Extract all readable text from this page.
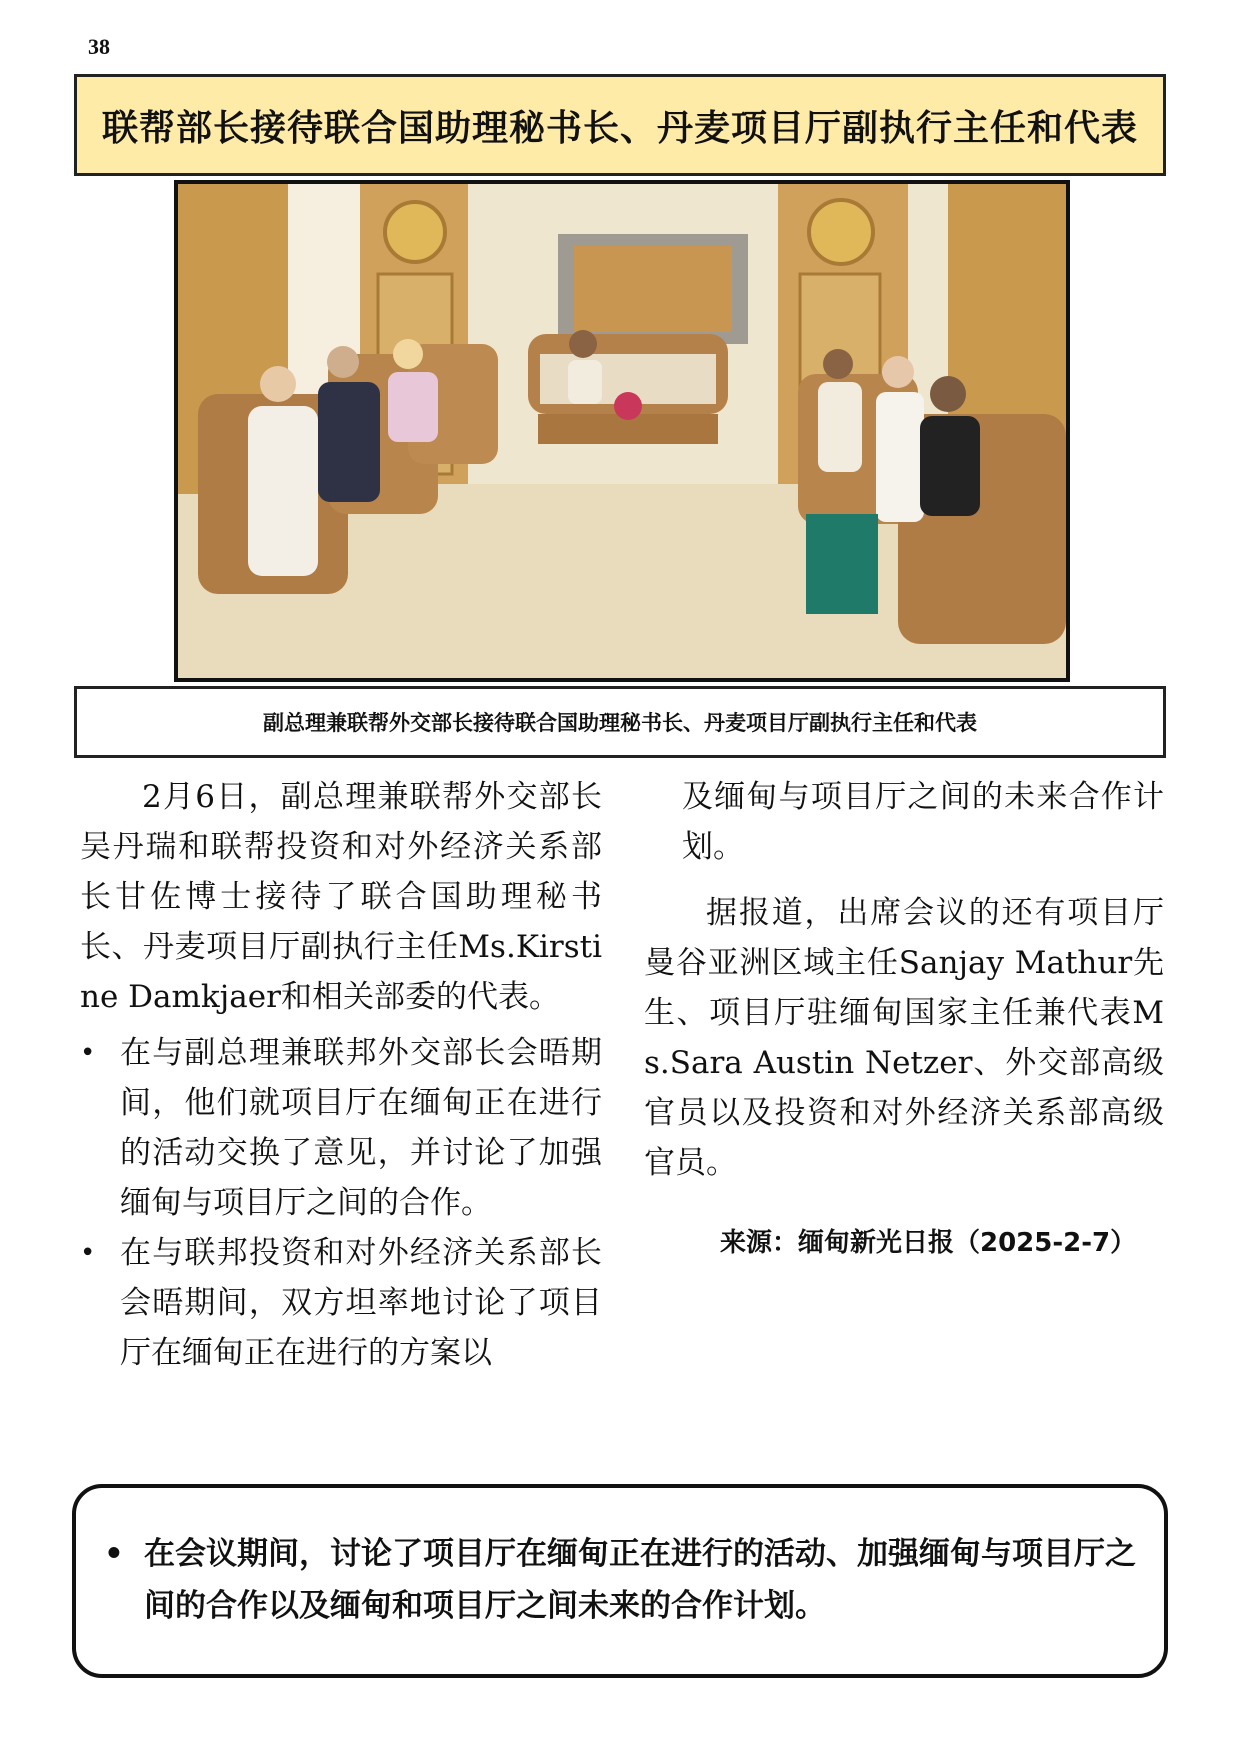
38
联帮部长接待联合国助理秘书长、丹麦项目厅副执行主任和代表
副总理兼联帮外交部长接待联合国助理秘书长、丹麦项目厅副执行主任和代表

2月6日，副总理兼联帮外交部长吴丹瑞和联帮投资和对外经济关系部长甘佐博士接待了联合国助理秘书长、丹麦项目厅副执行主任Ms.Kirstine Damkjaer和相关部委的代表。

• 在与副总理兼联邦外交部长会晤期间，他们就项目厅在缅甸正在进行的活动交换了意见，并讨论了加强缅甸与项目厅之间的合作。
• 在与联邦投资和对外经济关系部长会晤期间，双方坦率地讨论了项目厅在缅甸正在进行的方案以

及缅甸与项目厅之间的未来合作计划。

据报道，出席会议的还有项目厅曼谷亚洲区域主任Sanjay Mathur先生、项目厅驻缅甸国家主任兼代表Ms.Sara Austin Netzer、外交部高级官员以及投资和对外经济关系部高级官员。

来源：缅甸新光日报（2025-2-7）

• 在会议期间，讨论了项目厅在缅甸正在进行的活动、加强缅甸与项目厅之间的合作以及缅甸和项目厅之间未来的合作计划。
